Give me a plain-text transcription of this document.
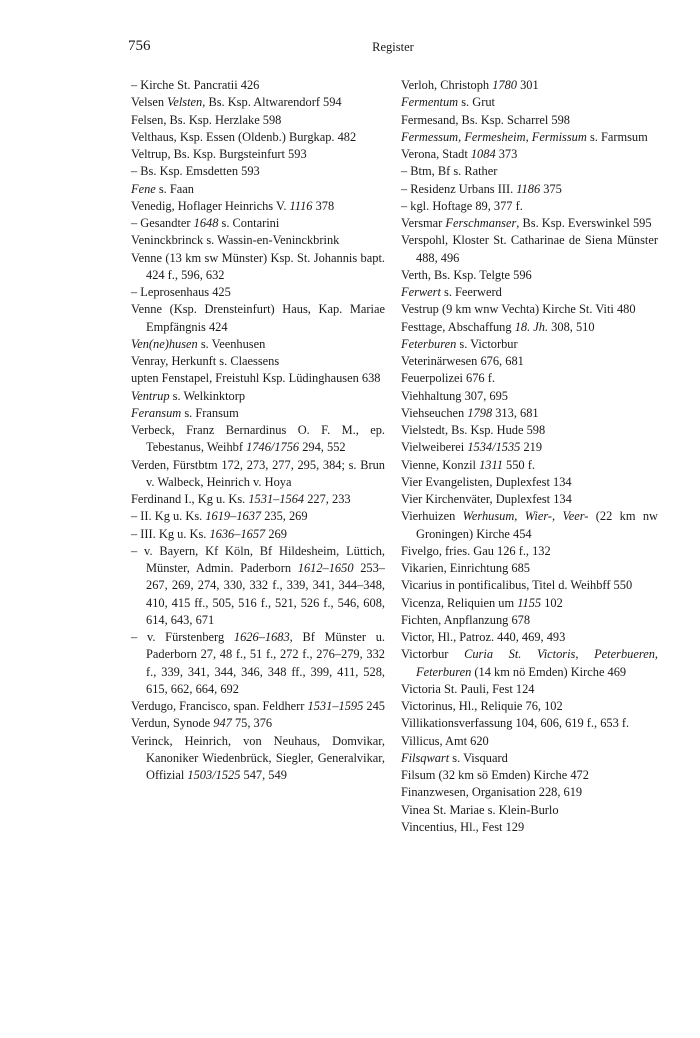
756	Register
– Kirche St. Pancratii 426
Velsen Velsten, Bs. Ksp. Altwarendorf 594
Felsen, Bs. Ksp. Herzlake 598
Velthaus, Ksp. Essen (Oldenb.) Burgkap. 482
Veltrup, Bs. Ksp. Burgsteinfurt 593
– Bs. Ksp. Emsdetten 593
Fene s. Faan
Venedig, Hoflager Heinrichs V. 1116 378
– Gesandter 1648 s. Contarini
Veninckbrinck s. Wassin-en-Veninckbrink
Venne (13 km sw Münster) Ksp. St. Johannis bapt. 424 f., 596, 632
– Leprosenhaus 425
Venne (Ksp. Drensteinfurt) Haus, Kap. Mariae Empfängnis 424
Ven(ne)husen s. Veenhusen
Venray, Herkunft s. Claessens
upten Fenstapel, Freistuhl Ksp. Lüdinghausen 638
Ventrup s. Welkinktorp
Feransum s. Fransum
Verbeck, Franz Bernardinus O. F. M., ep. Tebestanus, Weihbf 1746/1756 294, 552
Verden, Fürstbtm 172, 273, 277, 295, 384; s. Brun v. Walbeck, Heinrich v. Hoya
Ferdinand I., Kg u. Ks. 1531–1564 227, 233
– II. Kg u. Ks. 1619–1637 235, 269
– III. Kg u. Ks. 1636–1657 269
– v. Bayern, Kf Köln, Bf Hildesheim, Lüttich, Münster, Admin. Paderborn 1612–1650 253–267, 269, 274, 330, 332 f., 339, 341, 344–348, 410, 415 ff., 505, 516 f., 521, 526 f., 546, 608, 614, 643, 671
– v. Fürstenberg 1626–1683, Bf Münster u. Paderborn 27, 48 f., 51 f., 272 f., 276–279, 332 f., 339, 341, 344, 346, 348 ff., 399, 411, 528, 615, 662, 664, 692
Verdugo, Francisco, span. Feldherr 1531–1595 245
Verdun, Synode 947 75, 376
Verinck, Heinrich, von Neuhaus, Domvikar, Kanoniker Wiedenbrück, Siegler, Generalvikar, Offizial 1503/1525 547, 549
Verloh, Christoph 1780 301
Fermentum s. Grut
Fermesand, Bs. Ksp. Scharrel 598
Fermessum, Fermesheim, Fermissum s. Farmsum
Verona, Stadt 1084 373
– Btm, Bf s. Rather
– Residenz Urbans III. 1186 375
– kgl. Hoftage 89, 377 f.
Versmar Ferschmanser, Bs. Ksp. Everswinkel 595
Verspohl, Kloster St. Catharinae de Siena Münster 488, 496
Verth, Bs. Ksp. Telgte 596
Ferwert s. Feerwerd
Vestrup (9 km wnw Vechta) Kirche St. Viti 480
Festtage, Abschaffung 18. Jh. 308, 510
Feterburen s. Victorbur
Veterinärwesen 676, 681
Feuerpolizei 676 f.
Viehhaltung 307, 695
Viehseuchen 1798 313, 681
Vielstedt, Bs. Ksp. Hude 598
Vielweiberei 1534/1535 219
Vienne, Konzil 1311 550 f.
Vier Evangelisten, Duplexfest 134
Vier Kirchenväter, Duplexfest 134
Vierhuizen Werhusum, Wier-, Veer- (22 km nw Groningen) Kirche 454
Fivelgo, fries. Gau 126 f., 132
Vikarien, Einrichtung 685
Vicarius in pontificalibus, Titel d. Weihbff 550
Vicenza, Reliquien um 1155 102
Fichten, Anpflanzung 678
Victor, Hl., Patroz. 440, 469, 493
Victorbur Curia St. Victoris, Peterbueren, Feterburen (14 km nö Emden) Kirche 469
Victoria St. Pauli, Fest 124
Victorinus, Hl., Reliquie 76, 102
Villikationsverfassung 104, 606, 619 f., 653 f.
Villicus, Amt 620
Filsqwart s. Visquard
Filsum (32 km sö Emden) Kirche 472
Finanzwesen, Organisation 228, 619
Vinea St. Mariae s. Klein-Burlo
Vincentius, Hl., Fest 129
